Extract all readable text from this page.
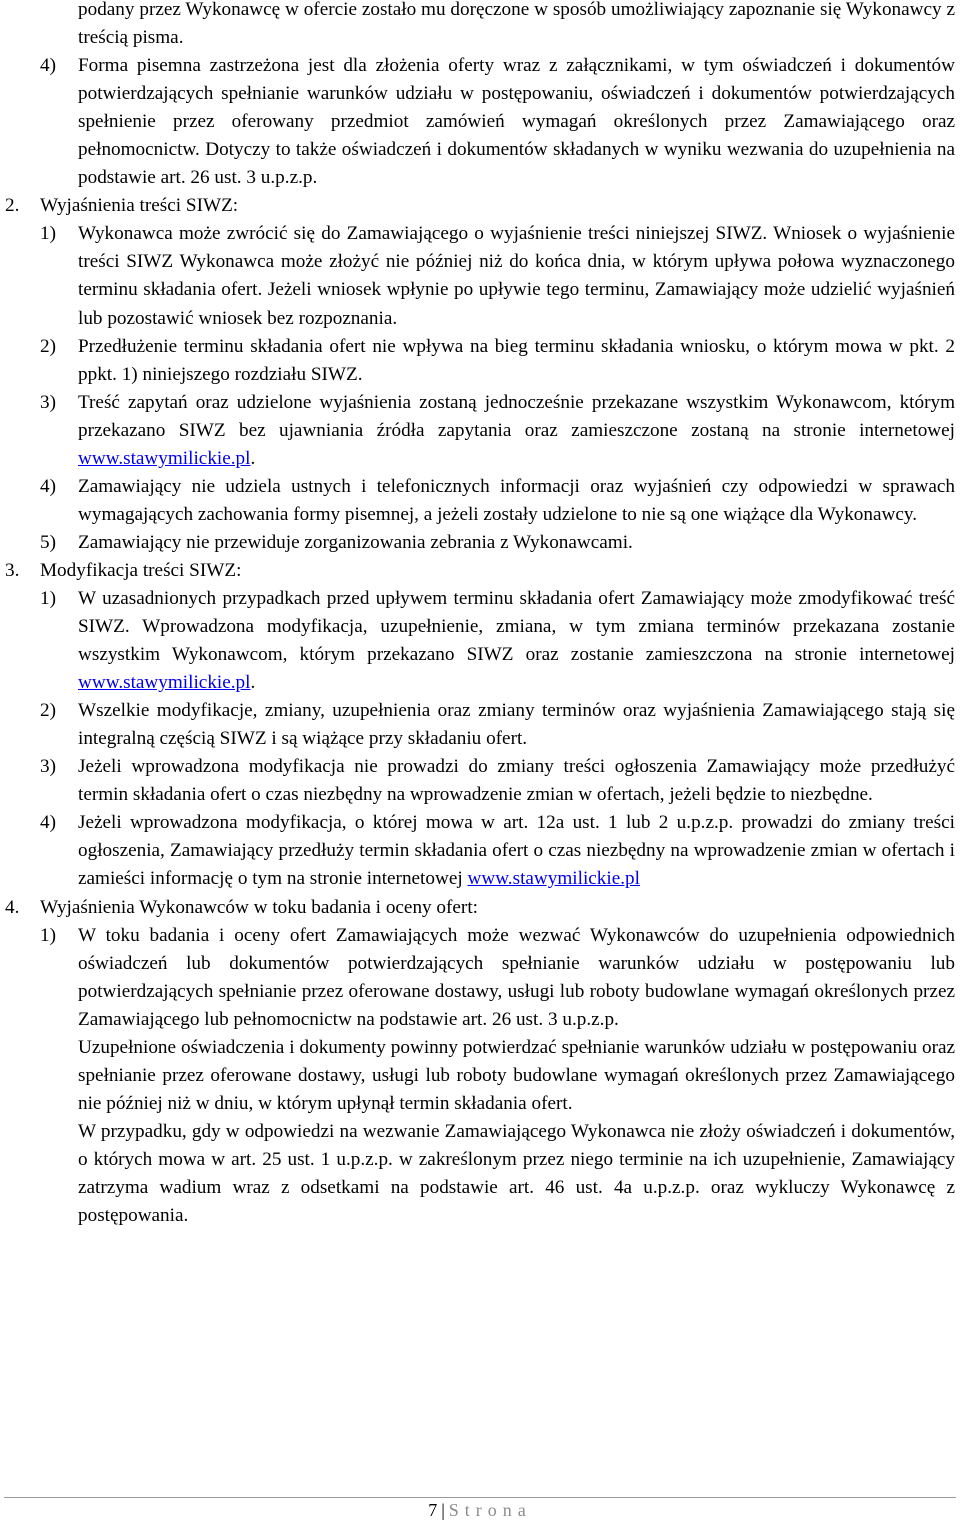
podany przez Wykonawcę w ofercie zostało mu doręczone w sposób umożliwiający zapoznanie się Wykonawcy z treścią pisma.

4)	Forma pisemna zastrzeżona jest dla złożenia oferty wraz z załącznikami, w tym oświadczeń i dokumentów potwierdzających spełnianie warunków udziału w postępowaniu, oświadczeń i dokumentów potwierdzających spełnienie przez oferowany przedmiot zamówień wymagań określonych przez Zamawiającego oraz pełnomocnictw. Dotyczy to także oświadczeń i dokumentów składanych w wyniku wezwania do uzupełnienia na podstawie art. 26 ust. 3 u.p.z.p.
2.	Wyjaśnienia treści SIWZ:
1)	Wykonawca może zwrócić się do Zamawiającego o wyjaśnienie treści niniejszej SIWZ. Wniosek o wyjaśnienie treści SIWZ Wykonawca może złożyć nie później niż do końca dnia, w którym upływa połowa wyznaczonego terminu składania ofert. Jeżeli wniosek wpłynie po upływie tego terminu, Zamawiający może udzielić wyjaśnień lub pozostawić wniosek bez rozpoznania.
2)	Przedłużenie terminu składania ofert nie wpływa na bieg terminu składania wniosku, o którym mowa w pkt. 2 ppkt. 1) niniejszego rozdziału SIWZ.
3)	Treść zapytań oraz udzielone wyjaśnienia zostaną jednocześnie przekazane wszystkim Wykonawcom, którym przekazano SIWZ bez ujawniania źródła zapytania oraz zamieszczone zostaną na stronie internetowej www.stawymilickie.pl.
4)	Zamawiający nie udziela ustnych i telefonicznych informacji oraz wyjaśnień czy odpowiedzi w sprawach wymagających zachowania formy pisemnej, a jeżeli zostały udzielone to nie są one wiążące dla Wykonawcy.
5)	Zamawiający nie przewiduje zorganizowania zebrania z Wykonawcami.
3.	Modyfikacja treści SIWZ:
1)	W uzasadnionych przypadkach przed upływem terminu składania ofert Zamawiający może zmodyfikować treść SIWZ. Wprowadzona modyfikacja, uzupełnienie, zmiana, w tym zmiana terminów przekazana zostanie wszystkim Wykonawcom, którym przekazano SIWZ oraz zostanie zamieszczona na stronie internetowej www.stawymilickie.pl.
2)	Wszelkie modyfikacje, zmiany, uzupełnienia oraz zmiany terminów oraz wyjaśnienia Zamawiającego stają się integralną częścią SIWZ i są wiążące przy składaniu ofert.
3)	Jeżeli wprowadzona modyfikacja nie prowadzi do zmiany treści ogłoszenia Zamawiający może przedłużyć termin składania ofert o czas niezbędny na wprowadzenie zmian w ofertach, jeżeli będzie to niezbędne.
4)	Jeżeli wprowadzona modyfikacja, o której mowa w art. 12a ust. 1 lub 2 u.p.z.p. prowadzi do zmiany treści ogłoszenia, Zamawiający przedłuży termin składania ofert o czas niezbędny na wprowadzenie zmian w ofertach i zamieści informację o tym na stronie internetowej www.stawymilickie.pl
4.	Wyjaśnienia Wykonawców w toku badania i oceny ofert:
1)	W toku badania i oceny ofert Zamawiających może wezwać Wykonawców do uzupełnienia odpowiednich oświadczeń lub dokumentów potwierdzających spełnianie warunków udziału w postępowaniu lub potwierdzających spełnianie przez oferowane dostawy, usługi lub roboty budowlane wymagań określonych przez Zamawiającego lub pełnomocnictw na podstawie art. 26 ust. 3 u.p.z.p.

Uzupełnione oświadczenia i dokumenty powinny potwierdzać spełnianie warunków udziału w postępowaniu oraz spełnianie przez oferowane dostawy, usługi lub roboty budowlane wymagań określonych przez Zamawiającego nie później niż w dniu, w którym upłynął termin składania ofert.

W przypadku, gdy w odpowiedzi na wezwanie Zamawiającego Wykonawca nie złoży oświadczeń i dokumentów, o których mowa w art. 25 ust. 1 u.p.z.p. w zakreślonym przez niego terminie na ich uzupełnienie, Zamawiający zatrzyma wadium wraz z odsetkami na podstawie art. 46 ust. 4a u.p.z.p. oraz wykluczy Wykonawcę z postępowania.

7 | Strona
